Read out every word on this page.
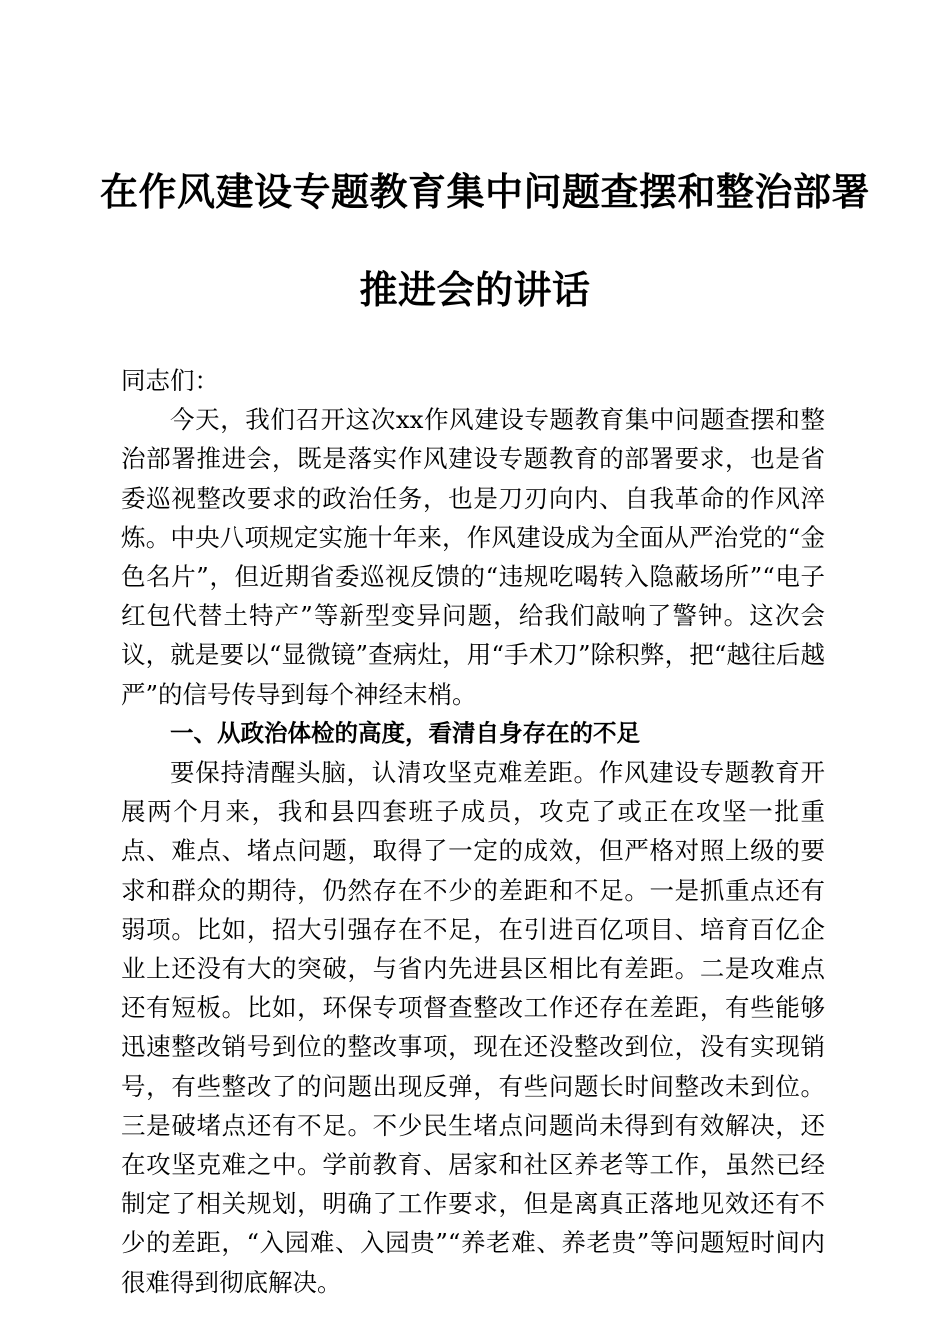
在作风建设专题教育集中问题查摆和整治部署
推进会的讲话

同志们：

今天，我们召开这次xx作风建设专题教育集中问题查摆和整治部署推进会，既是落实作风建设专题教育的部署要求，也是省委巡视整改要求的政治任务，也是刀刃向内、自我革命的作风淬炼。中央八项规定实施十年来，作风建设成为全面从严治党的“金色名片”，但近期省委巡视反馈的“违规吃喝转入隐蔽场所”“电子红包代替土特产”等新型变异问题，给我们敲响了警钟。这次会议，就是要以“显微镜”查病灶，用“手术刀”除积弊，把“越往后越严”的信号传导到每个神经末梢。

一、从政治体检的高度，看清自身存在的不足

要保持清醒头脑，认清攻坚克难差距。作风建设专题教育开展两个月来，我和县四套班子成员，攻克了或正在攻坚一批重点、难点、堵点问题，取得了一定的成效，但严格对照上级的要求和群众的期待，仍然存在不少的差距和不足。一是抓重点还有弱项。比如，招大引强存在不足，在引进百亿项目、培育百亿企业上还没有大的突破，与省内先进县区相比有差距。二是攻难点还有短板。比如，环保专项督查整改工作还存在差距，有些能够迅速整改销号到位的整改事项，现在还没整改到位，没有实现销号，有些整改了的问题出现反弹，有些问题长时间整改未到位。三是破堵点还有不足。不少民生堵点问题尚未得到有效解决，还在攻坚克难之中。学前教育、居家和社区养老等工作，虽然已经制定了相关规划，明确了工作要求，但是离真正落地见效还有不少的差距，“入园难、入园贵”“养老难、养老贵”等问题短时间内很难得到彻底解决。
